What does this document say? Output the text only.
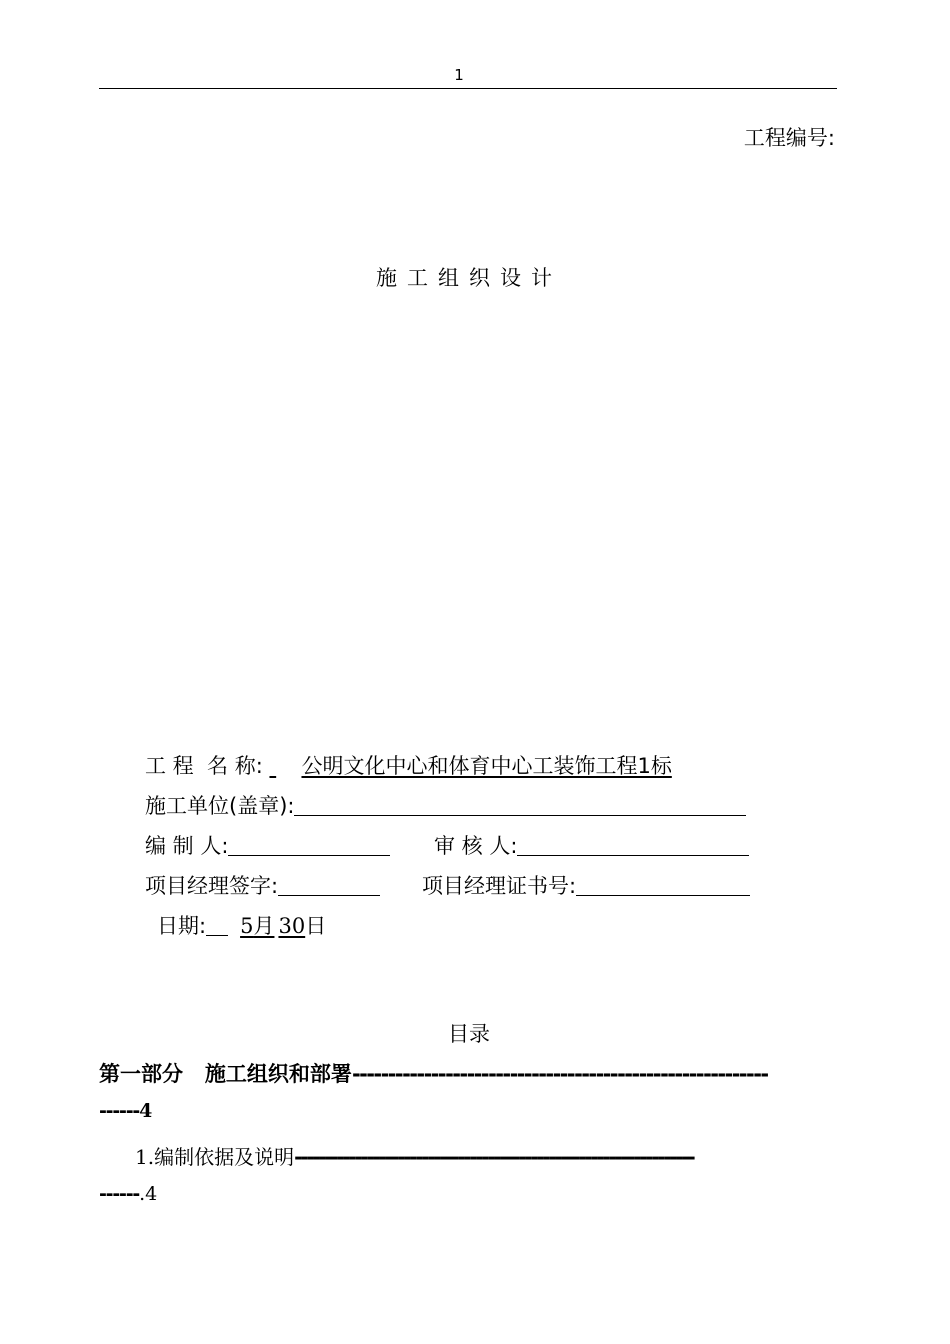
1
工程编号:
施工组织设计
工 程  名 称: 公明文化中心和体育中心工装饰工程1标
施工单位(盖章):
编 制 人:	审 核 人:
项目经理签字:	项目经理证书号:
日期: 5月 30日
目录
第一部分   施工组织和部署----------------------------------------------------------
------4
1.编制依据及说明------------------------------------------------------------------
------.4
